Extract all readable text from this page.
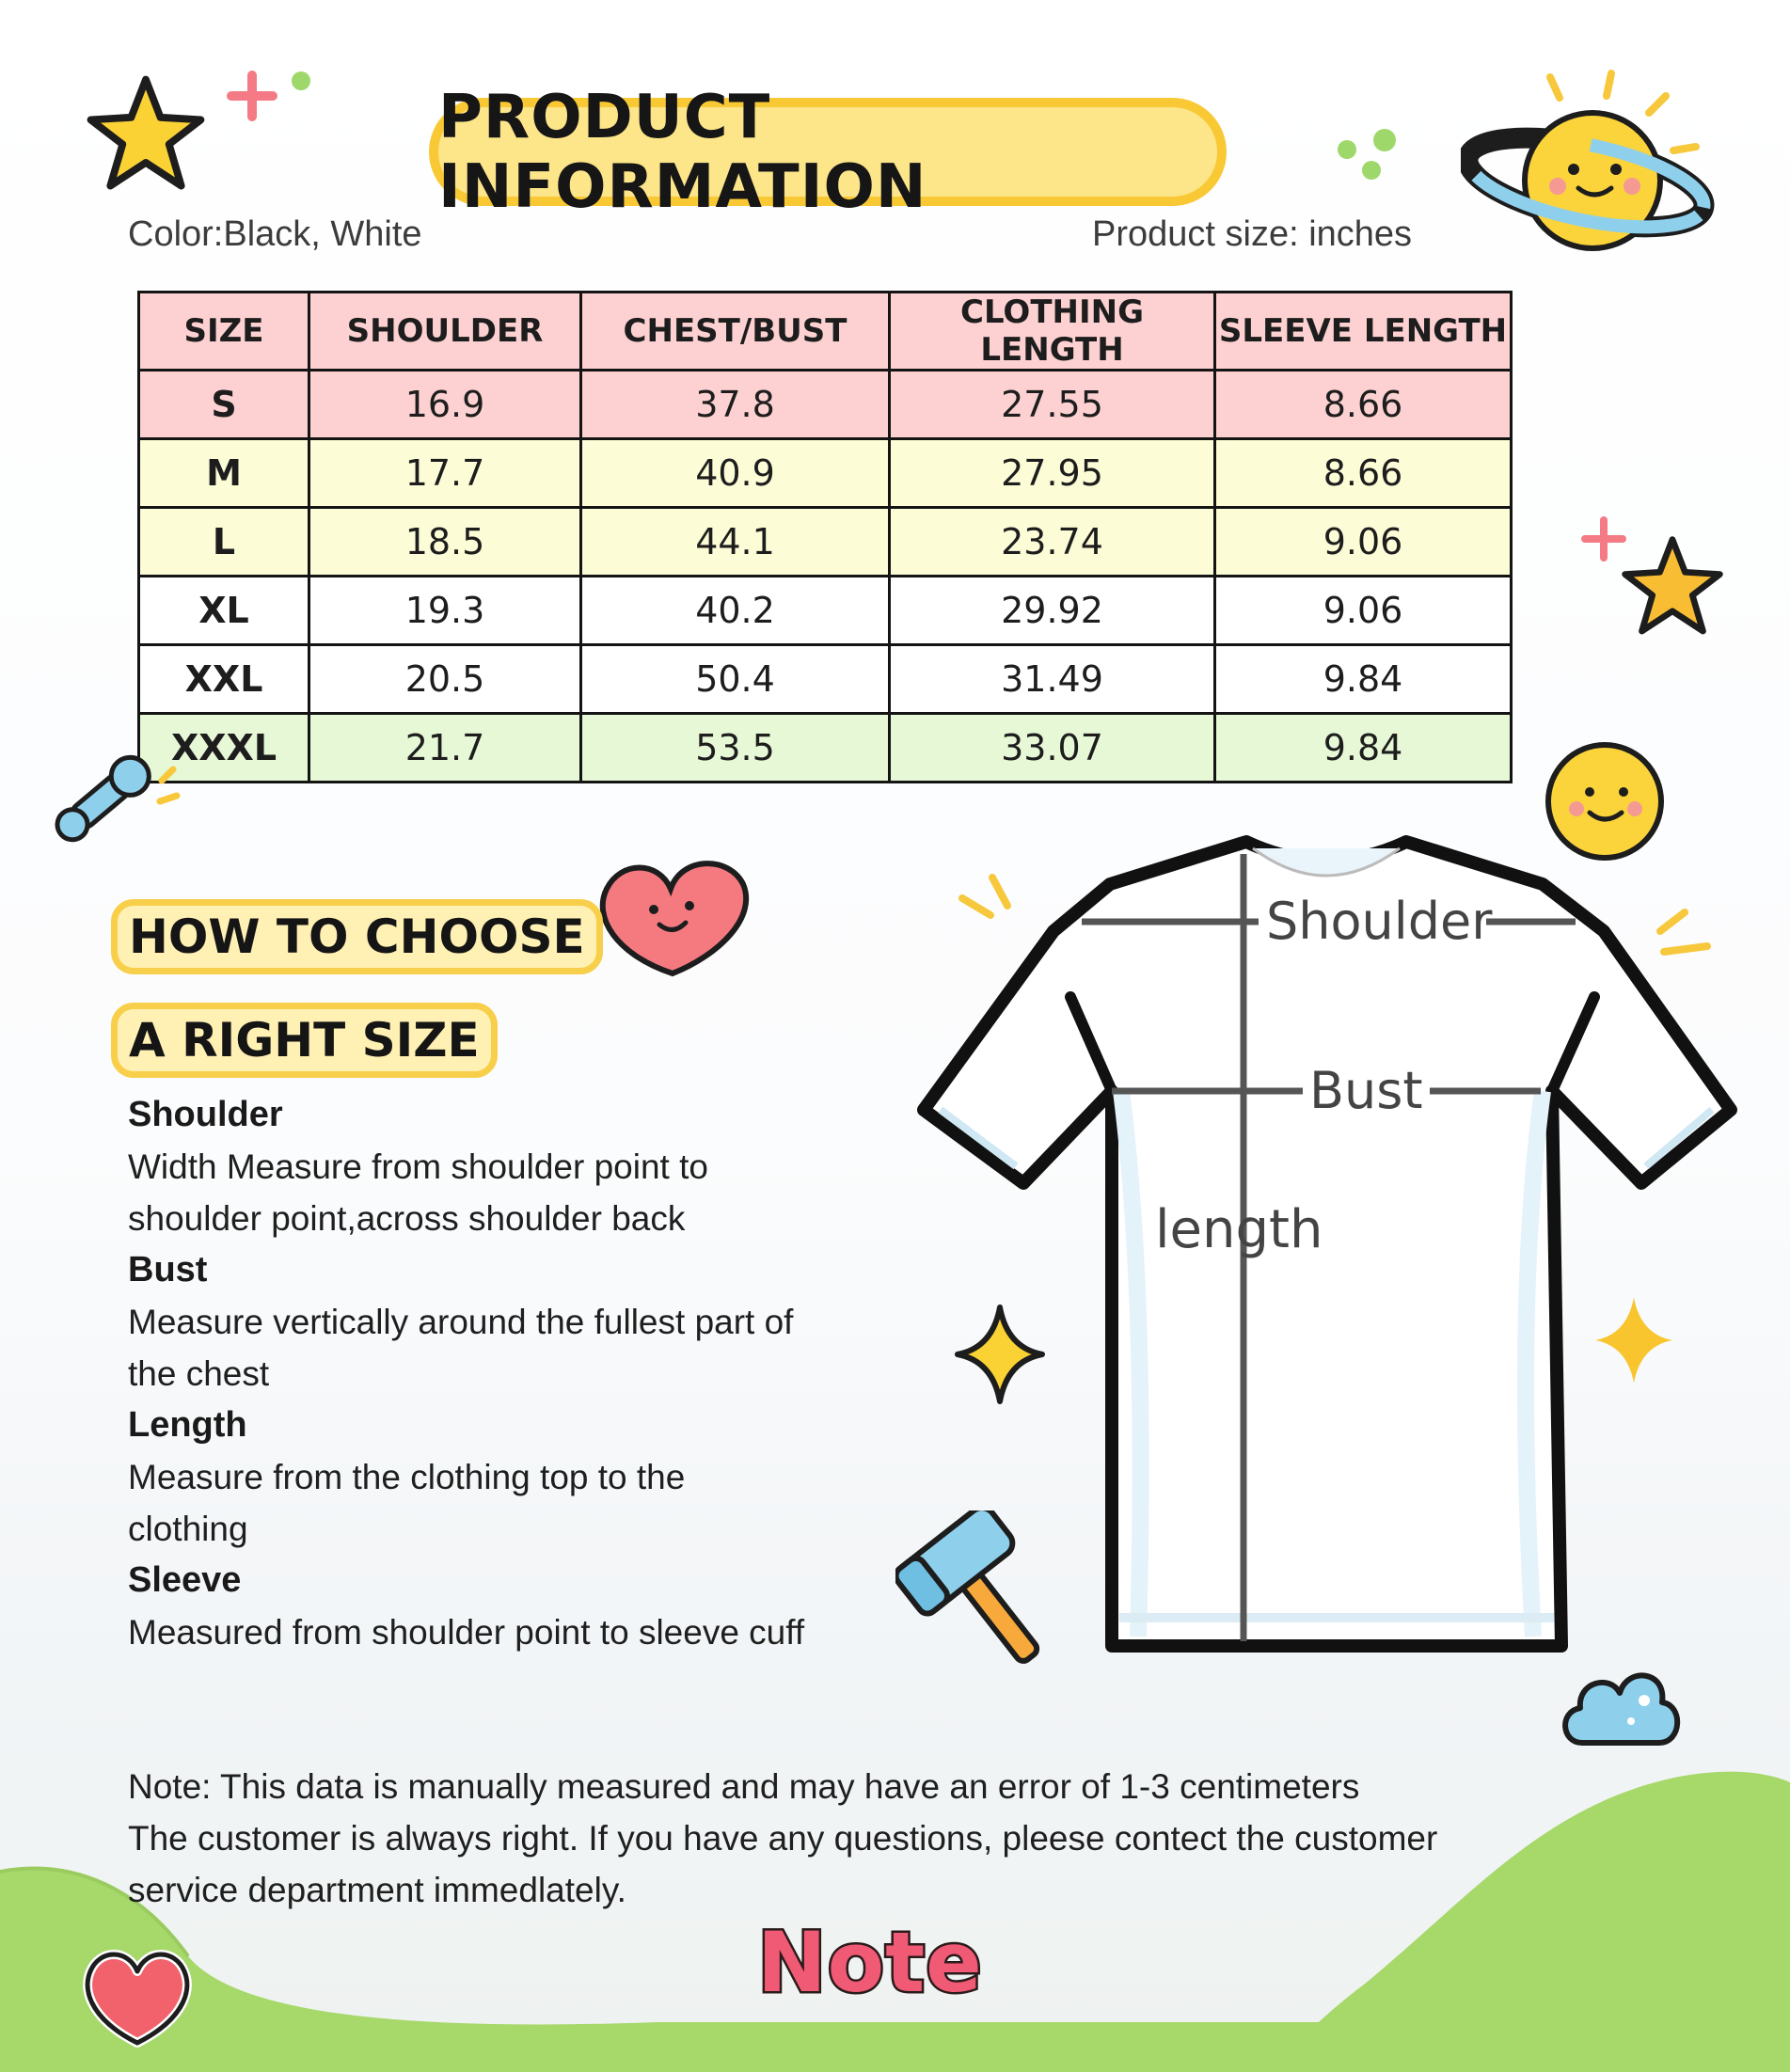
PRODUCT INFORMATION
Color:Black, White	Product size: inches
SIZE	SHOULDER	CHEST/BUST	CLOTHING LENGTH	SLEEVE LENGTH
S	16.9	37.8	27.55	8.66
M	17.7	40.9	27.95	8.66
L	18.5	44.1	23.74	9.06
XL	19.3	40.2	29.92	9.06
XXL	20.5	50.4	31.49	9.84
XXXL	21.7	53.5	33.07	9.84
HOW TO CHOOSE
A RIGHT SIZE
Shoulder
Width Measure from shoulder point to
shoulder point,across shoulder back
Bust
Measure vertically around the fullest part of
the chest
Length
Measure from the clothing top to the
clothing
Sleeve
Measured from shoulder point to sleeve cuff
Shoulder
Bust
length
Note: This data is manually measured and may have an error of 1-3 centimeters
The customer is always right. If you have any questions, pleese contect the customer
service department immedlately.
Note
